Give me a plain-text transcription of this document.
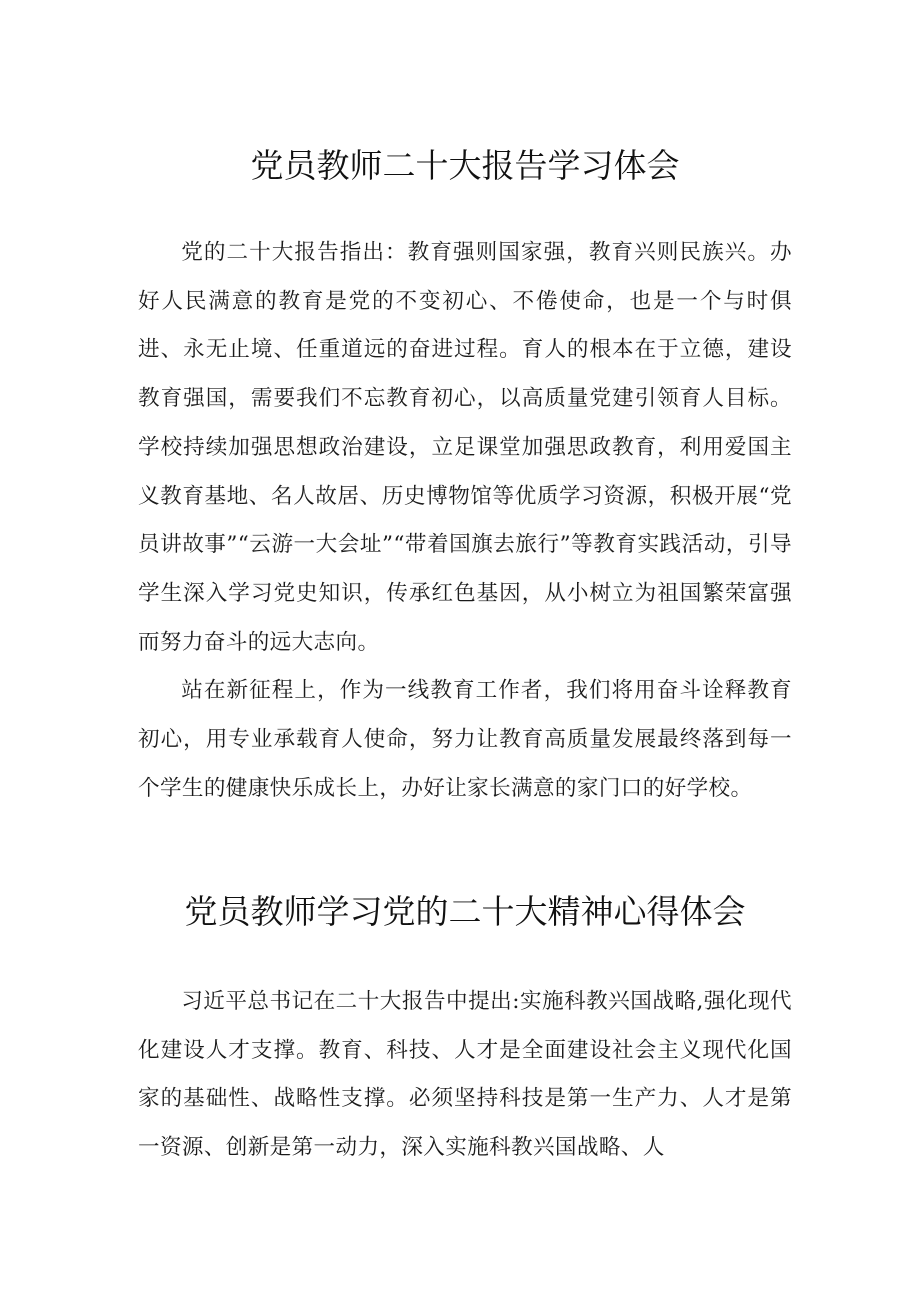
党员教师二十大报告学习体会

党的二十大报告指出：教育强则国家强，教育兴则民族兴。办好人民满意的教育是党的不变初心、不倦使命，也是一个与时俱进、永无止境、任重道远的奋进过程。育人的根本在于立德，建设教育强国，需要我们不忘教育初心，以高质量党建引领育人目标。学校持续加强思想政治建设，立足课堂加强思政教育，利用爱国主义教育基地、名人故居、历史博物馆等优质学习资源，积极开展“党员讲故事”“云游一大会址”“带着国旗去旅行”等教育实践活动，引导学生深入学习党史知识，传承红色基因，从小树立为祖国繁荣富强而努力奋斗的远大志向。

站在新征程上，作为一线教育工作者，我们将用奋斗诠释教育初心，用专业承载育人使命，努力让教育高质量发展最终落到每一个学生的健康快乐成长上，办好让家长满意的家门口的好学校。

党员教师学习党的二十大精神心得体会

习近平总书记在二十大报告中提出:实施科教兴国战略,强化现代化建设人才支撑。教育、科技、人才是全面建设社会主义现代化国家的基础性、战略性支撑。必须坚持科技是第一生产力、人才是第一资源、创新是第一动力，深入实施科教兴国战略、人
